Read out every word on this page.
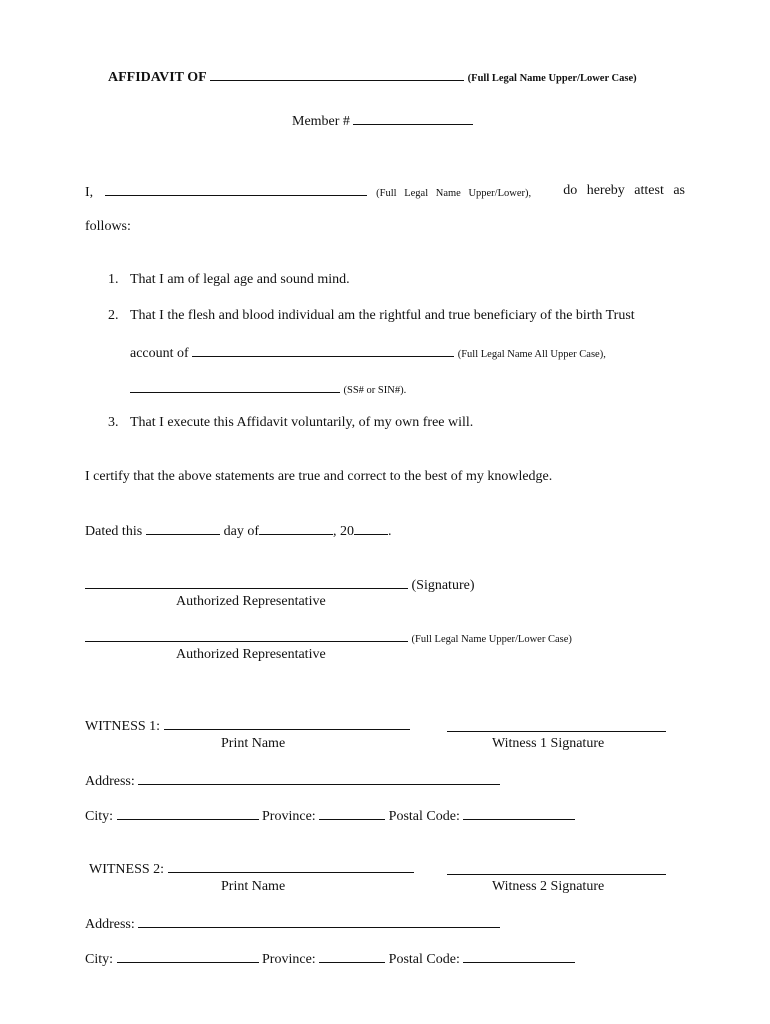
AFFIDAVIT OF	(Full Legal Name Upper/Lower Case)
Member #
I,	(Full Legal Name Upper/Lower), do hereby attest as
follows:
1. That I am of legal age and sound mind.
2. That I the flesh and blood individual am the rightful and true beneficiary of the birth Trust
account of	(Full Legal Name All Upper Case),
(SS# or SIN#).
3. That I execute this Affidavit voluntarily, of my own free will.
I certify that the above statements are true and correct to the best of my knowledge.
Dated this	day of	, 20 .
(Signature)
Authorized Representative
(Full Legal Name Upper/Lower Case)
Authorized Representative
WITNESS 1:
Print Name	Witness 1 Signature
Address:
City:	Province:	Postal Code:
WITNESS 2:
Print Name	Witness 2 Signature
Address:
City:	Province:	Postal Code:
